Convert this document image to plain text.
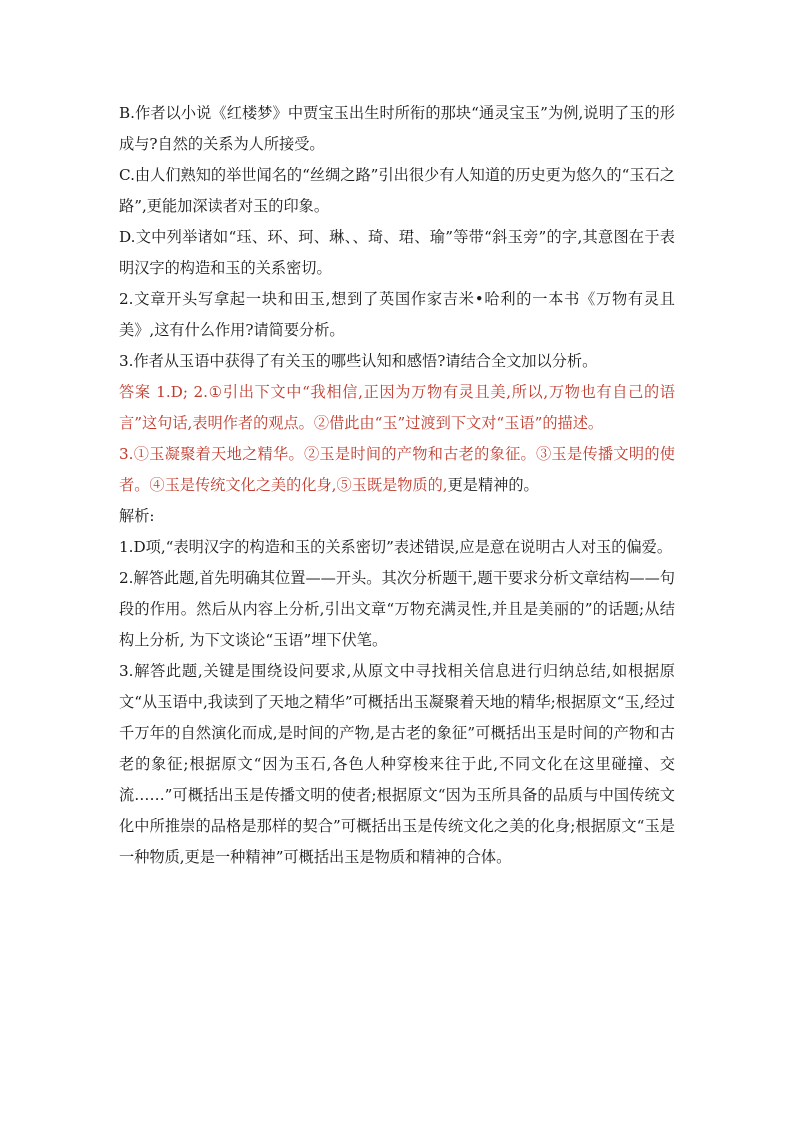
B.作者以小说《红楼梦》中贾宝玉出生时所衔的那块“通灵宝玉”为例,说明了玉的形成与?自然的关系为人所接受。

C.由人们熟知的举世闻名的“丝绸之路”引出很少有人知道的历史更为悠久的“玉石之路”,更能加深读者对玉的印象。

D.文中列举诸如“珏、环、珂、琳、、琦、珺、瑜”等带“斜玉旁”的字,其意图在于表明汉字的构造和玉的关系密切。

2.文章开头写拿起一块和田玉,想到了英国作家吉米•哈利的一本书《万物有灵且美》,这有什么作用?请简要分析。

3.作者从玉语中获得了有关玉的哪些认知和感悟?请结合全文加以分析。

答案 1.D; 2.①引出下文中“我相信,正因为万物有灵且美,所以,万物也有自己的语言”这句话,表明作者的观点。②借此由“玉”过渡到下文对“玉语”的描述。

3.①玉凝聚着天地之精华。②玉是时间的产物和古老的象征。③玉是传播文明的使者。④玉是传统文化之美的化身,⑤玉既是物质的,更是精神的。

解析:

1.D项,“表明汉字的构造和玉的关系密切”表述错误,应是意在说明古人对玉的偏爱。

2.解答此题,首先明确其位置——开头。其次分析题干,题干要求分析文章结构——句段的作用。然后从内容上分析,引出文章“万物充满灵性,并且是美丽的”的话题;从结构上分析, 为下文谈论“玉语”埋下伏笔。

3.解答此题,关键是围绕设问要求,从原文中寻找相关信息进行归纳总结,如根据原文“从玉语中,我读到了天地之精华”可概括出玉凝聚着天地的精华;根据原文“玉,经过千万年的自然演化而成,是时间的产物,是古老的象征”可概括出玉是时间的产物和古老的象征;根据原文“因为玉石,各色人种穿梭来往于此,不同文化在这里碰撞、交流……”可概括出玉是传播文明的使者;根据原文“因为玉所具备的品质与中国传统文化中所推崇的品格是那样的契合”可概括出玉是传统文化之美的化身;根据原文“玉是一种物质,更是一种精神”可概括出玉是物质和精神的合体。
